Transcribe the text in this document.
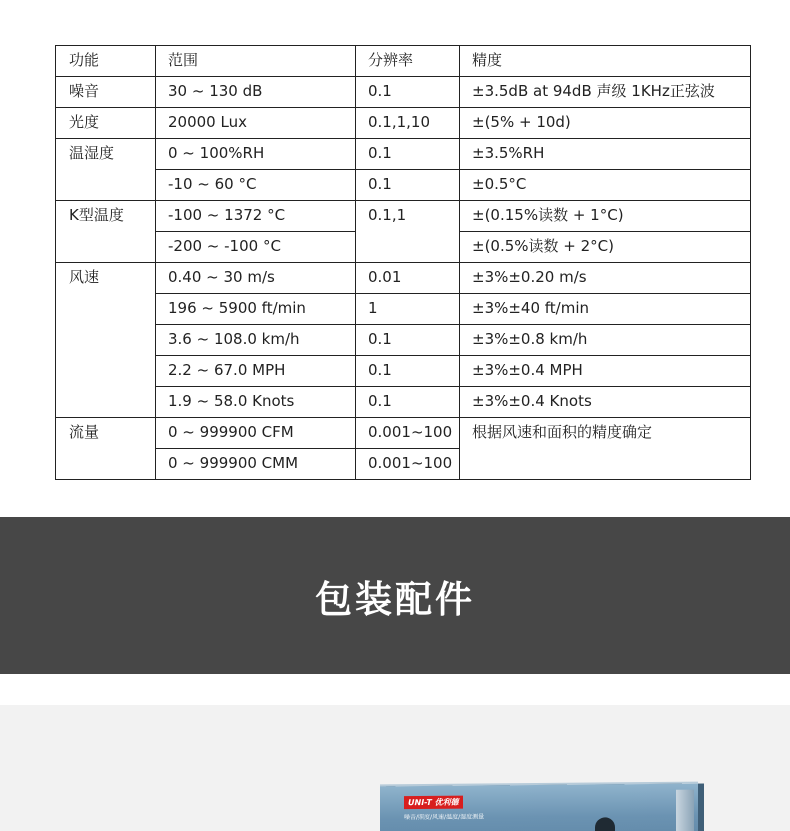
功能	范围	分辨率	精度
噪音	30 ~ 130 dB	0.1	±3.5dB at 94dB 声级 1KHz正弦波
光度	20000 Lux	0.1,1,10	±(5% + 10d)
温湿度	0 ~ 100%RH	0.1	±3.5%RH
	-10 ~ 60 °C	0.1	±0.5°C
K型温度	-100 ~ 1372 °C	0.1,1	±(0.15%读数 + 1°C)
	-200 ~ -100 °C		±(0.5%读数 + 2°C)
风速	0.40 ~ 30 m/s	0.01	±3%±0.20 m/s
	196 ~ 5900 ft/min	1	±3%±40 ft/min
	3.6 ~ 108.0 km/h	0.1	±3%±0.8 km/h
	2.2 ~ 67.0 MPH	0.1	±3%±0.4 MPH
	1.9 ~ 58.0 Knots	0.1	±3%±0.4 Knots
流量	0 ~ 999900 CFM	0.001~100	根据风速和面积的精度确定
	0 ~ 999900 CMM	0.001~100	
包装配件
UNI-T 优利德
噪音/照度/风速/温度/湿度测量
